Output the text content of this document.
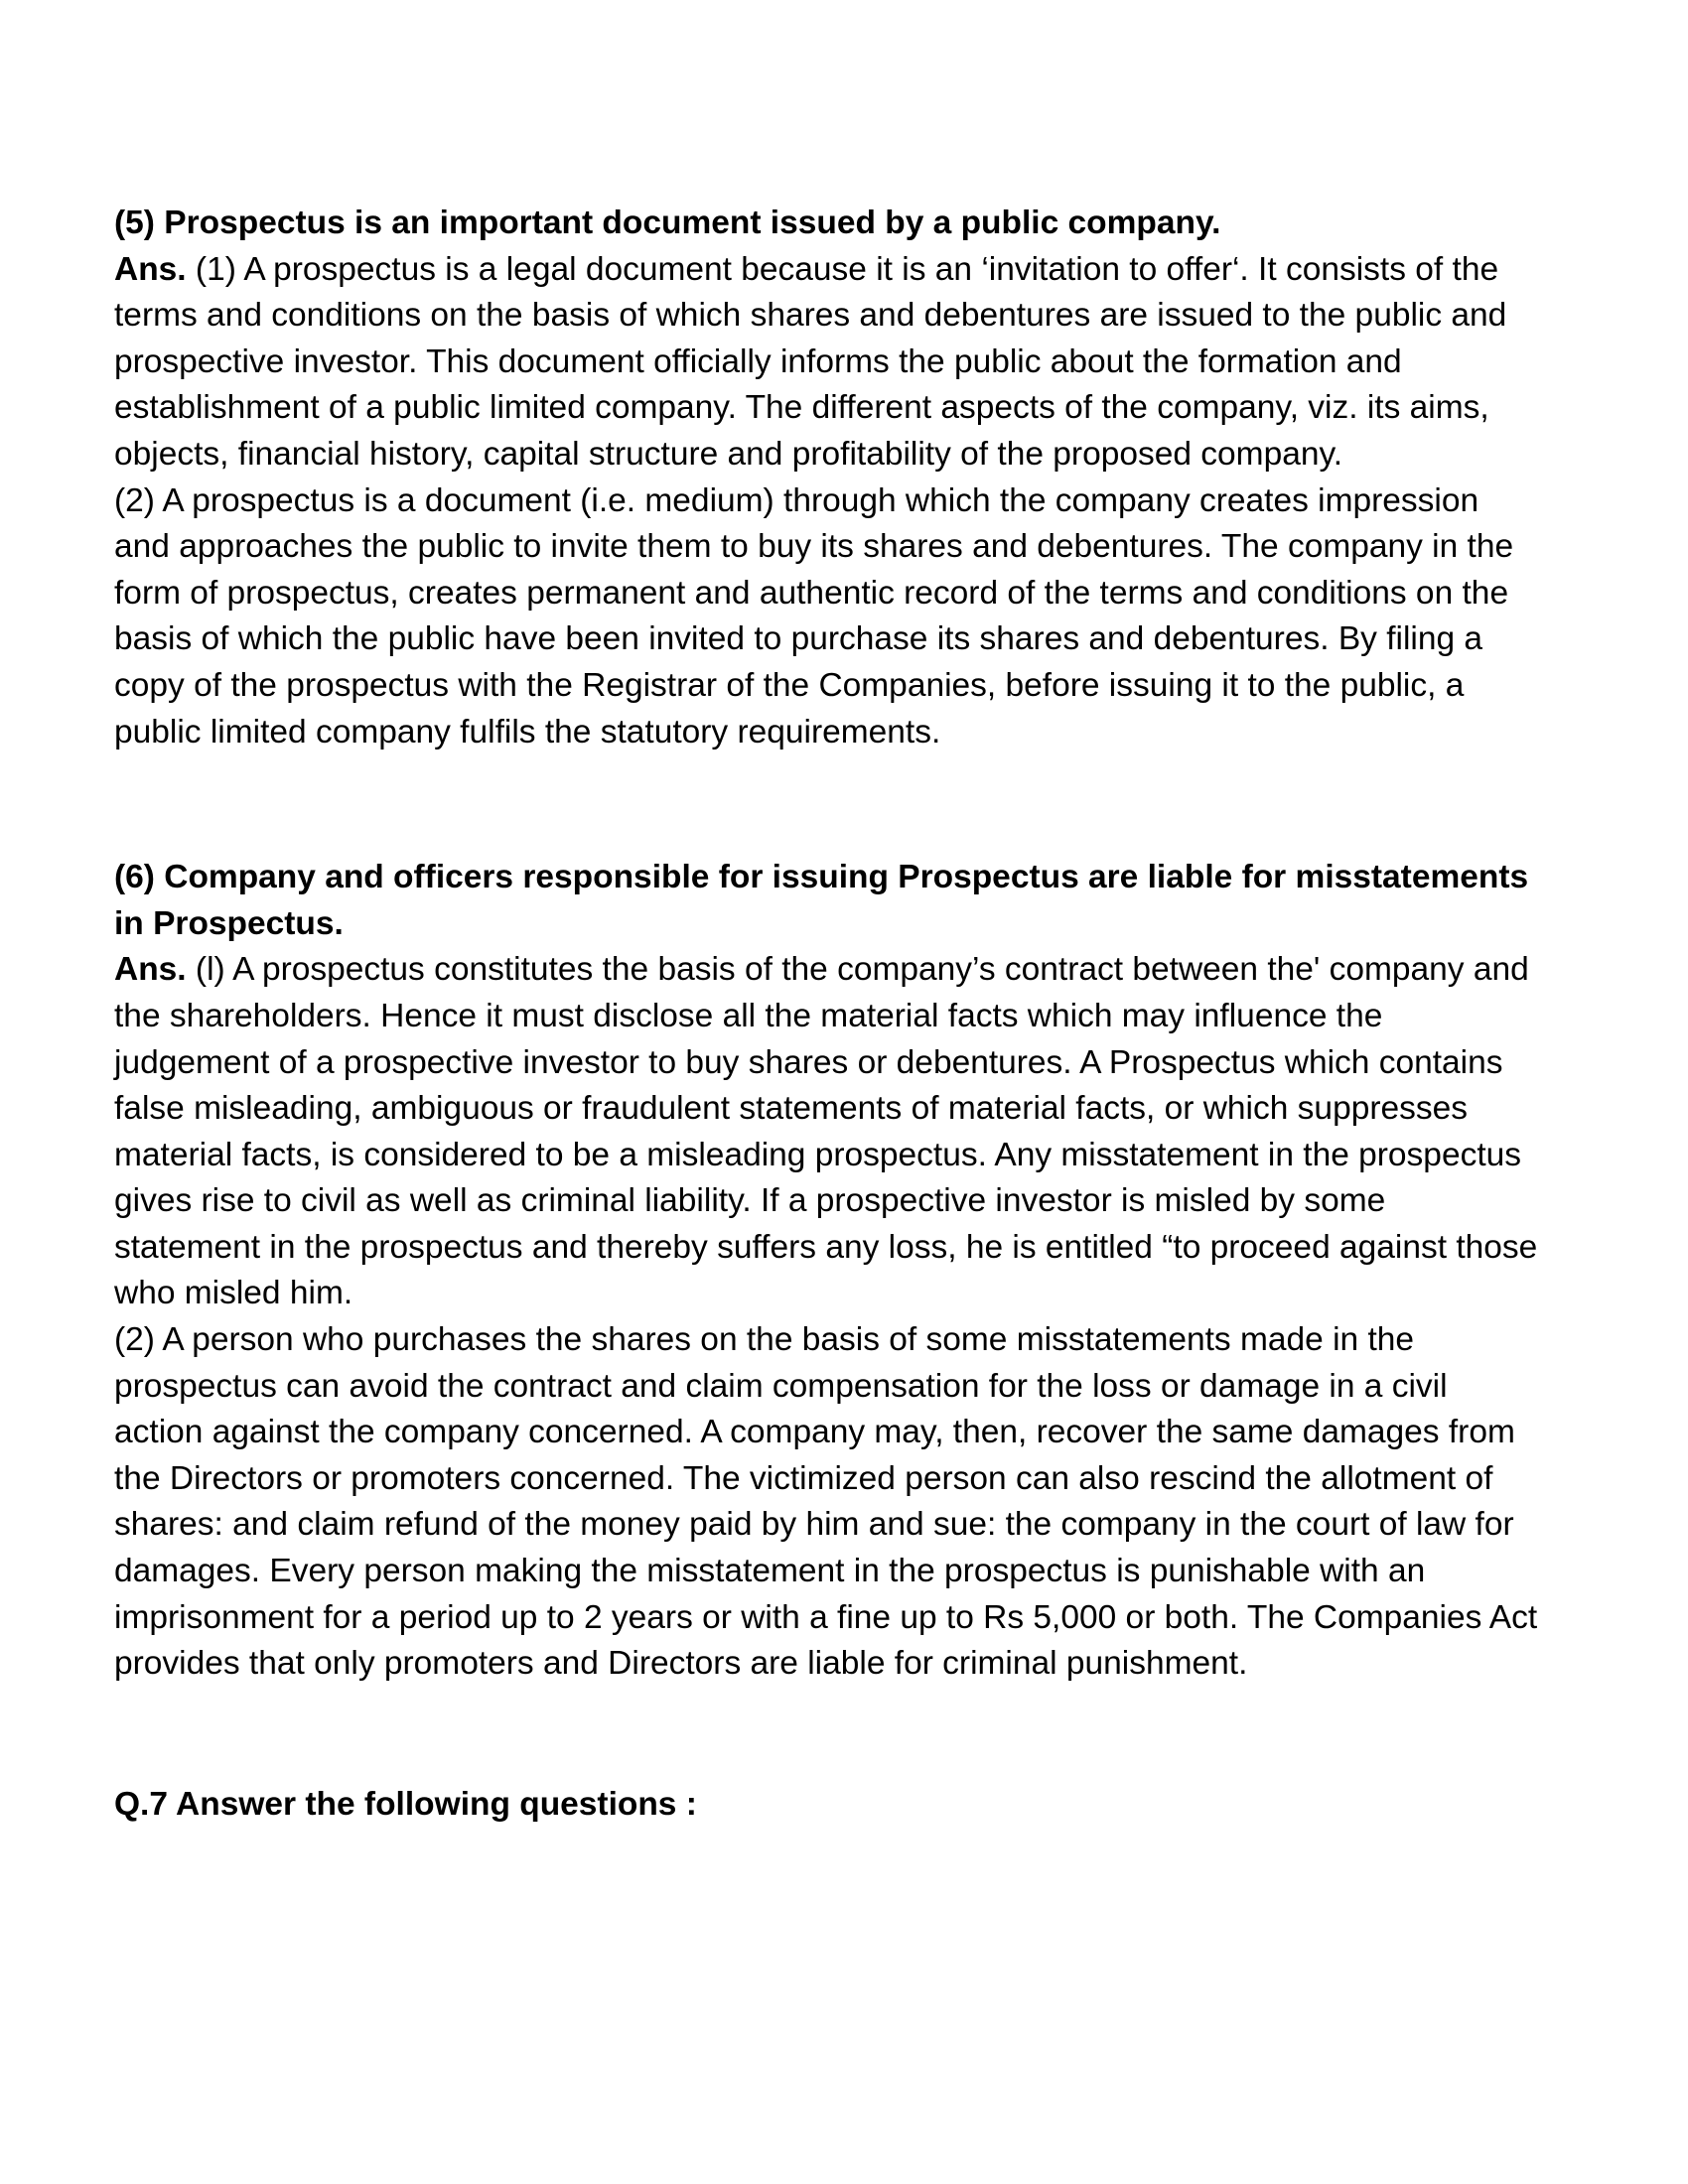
(5) Prospectus is an important document issued by a public company.

Ans. (1) A prospectus is a legal document because it is an ‘invitation to offer‘. It consists of the terms and conditions on the basis of which shares and debentures are issued to the public and prospective investor. This document officially informs the public about the formation and establishment of a public limited company. The different aspects of the company, viz. its aims, objects, financial history, capital structure and profitability of the proposed company.

(2) A prospectus is a document (i.e. medium) through which the company creates impression and approaches the public to invite them to buy its shares and debentures. The company in the form of prospectus, creates permanent and authentic record of the terms and conditions on the basis of which the public have been invited to purchase its shares and debentures. By filing a copy of the prospectus with the Registrar of the Companies, before issuing it to the public, a public limited company fulfils the statutory requirements.

(6) Company and officers responsible for issuing Prospectus are liable for misstatements in Prospectus.

Ans. (l) A prospectus constitutes the basis of the company’s contract between the' company and the shareholders. Hence it must disclose all the material facts which may influence the judgement of a prospective investor to buy shares or debentures. A Prospectus which contains false misleading, ambiguous or fraudulent statements of material facts, or which suppresses material facts, is considered to be a misleading prospectus. Any misstatement in the prospectus gives rise to civil as well as criminal liability. If a prospective investor is misled by some statement in the prospectus and thereby suffers any loss, he is entitled “to proceed against those who misled him.

(2) A person who purchases the shares on the basis of some misstatements made in the prospectus can avoid the contract and claim compensation for the loss or damage in a civil action against the company concerned. A company may, then, recover the same damages from the Directors or promoters concerned. The victimized person can also rescind the allotment of shares: and claim refund of the money paid by him and sue: the company in the court of law for damages. Every person making the misstatement in the prospectus is punishable with an imprisonment for a period up to 2 years or with a fine up to Rs 5,000 or both. The Companies Act provides that only promoters and Directors are liable for criminal punishment.

Q.7 Answer the following questions :
